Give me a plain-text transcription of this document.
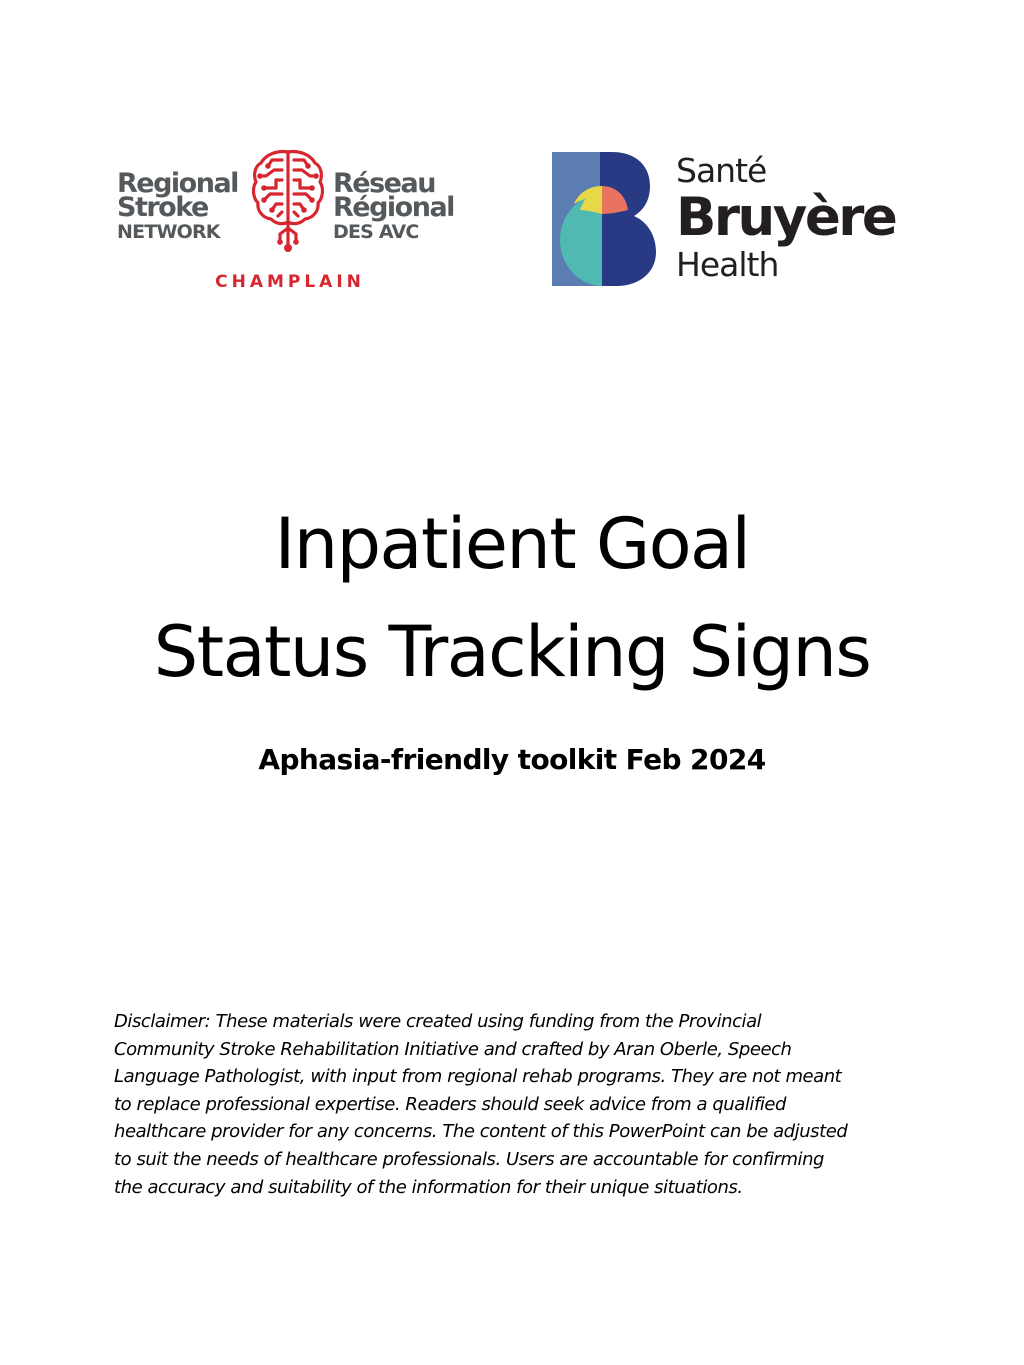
Regional
Stroke
NETWORK
Réseau
Régional
DES AVC
CHAMPLAIN
Santé
Bruyère
Health
Inpatient Goal
Status Tracking Signs
Aphasia-friendly toolkit Feb 2024

Disclaimer: These materials were created using funding from the Provincial
Community Stroke Rehabilitation Initiative and crafted by Aran Oberle, Speech
Language Pathologist, with input from regional rehab programs. They are not meant
to replace professional expertise. Readers should seek advice from a qualified
healthcare provider for any concerns. The content of this PowerPoint can be adjusted
to suit the needs of healthcare professionals. Users are accountable for confirming
the accuracy and suitability of the information for their unique situations.
